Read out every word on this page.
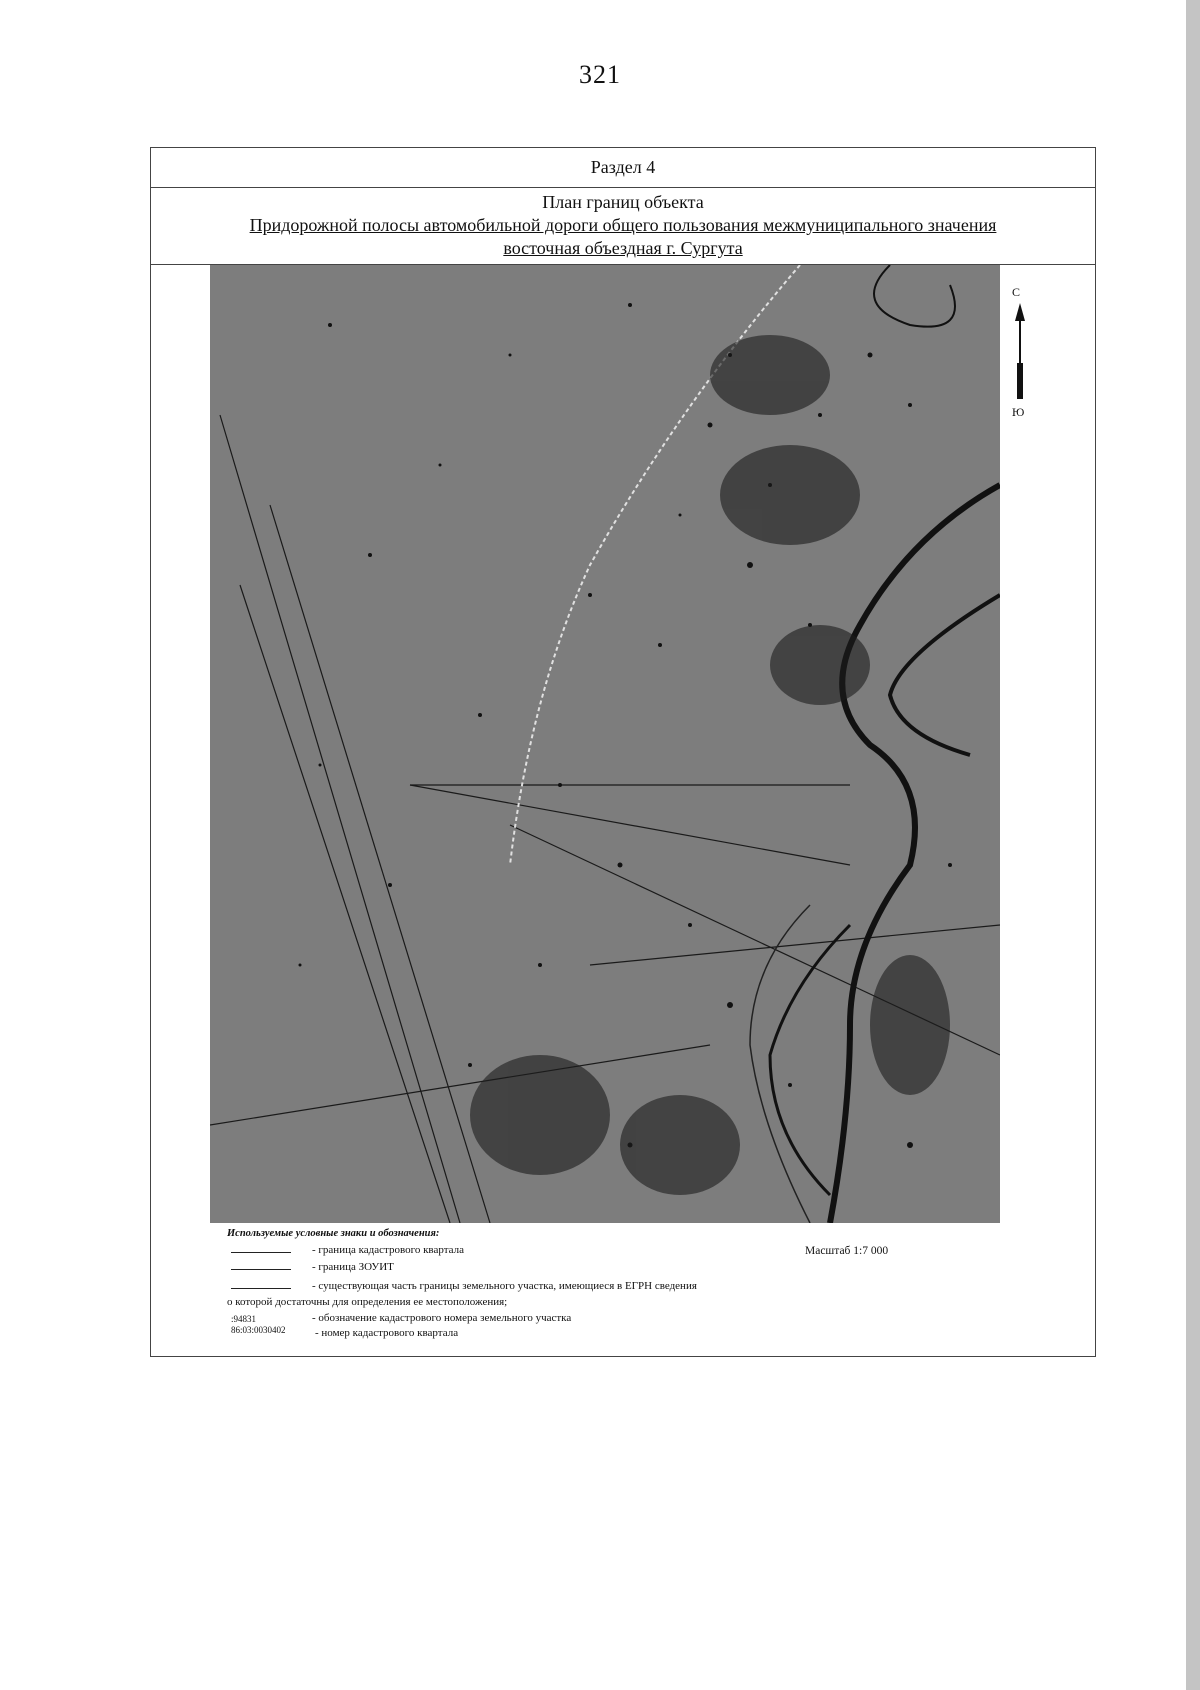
321
Раздел 4
План границ объекта
Придорожной полосы автомобильной дороги общего пользования межмуниципального значения
восточная объездная г. Сургута
С
Ю
Используемые условные знаки и обозначения:
- граница кадастрового квартала
- граница ЗОУИТ
- существующая часть границы земельного участка, имеющиеся в ЕГРН сведения
о которой достаточны для определения ее местоположения;
:94831	- обозначение кадастрового номера земельного участка
86:03:0030402	- номер кадастрового квартала
Масштаб 1:7 000
